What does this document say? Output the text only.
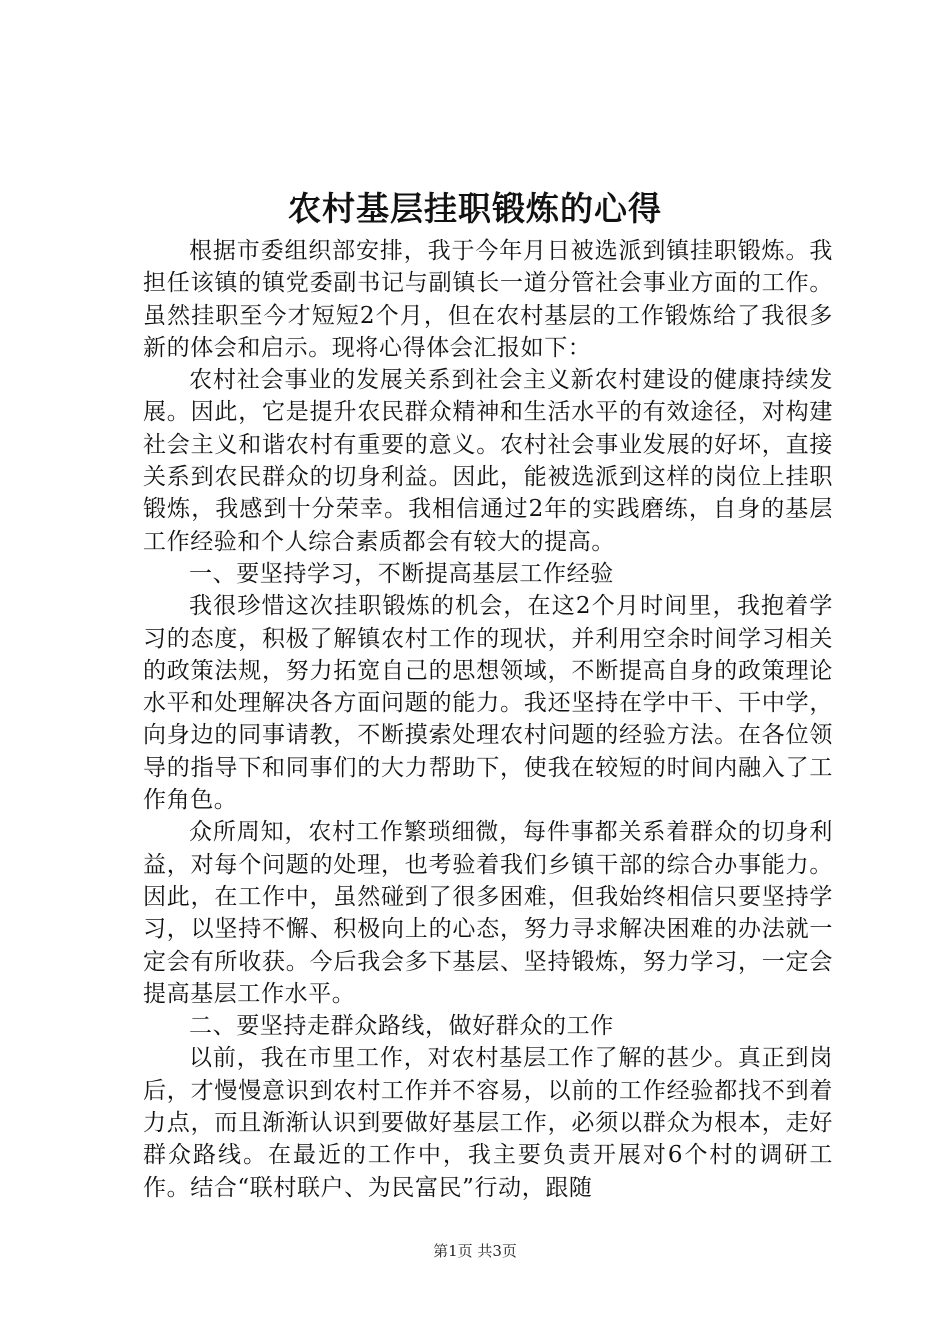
农村基层挂职锻炼的心得

根据市委组织部安排，我于今年月日被选派到镇挂职锻炼。我担任该镇的镇党委副书记与副镇长一道分管社会事业方面的工作。虽然挂职至今才短短2个月，但在农村基层的工作锻炼给了我很多新的体会和启示。现将心得体会汇报如下：

农村社会事业的发展关系到社会主义新农村建设的健康持续发展。因此，它是提升农民群众精神和生活水平的有效途径，对构建社会主义和谐农村有重要的意义。农村社会事业发展的好坏，直接关系到农民群众的切身利益。因此，能被选派到这样的岗位上挂职锻炼，我感到十分荣幸。我相信通过2年的实践磨练，自身的基层工作经验和个人综合素质都会有较大的提高。

一、要坚持学习，不断提高基层工作经验

我很珍惜这次挂职锻炼的机会，在这2个月时间里，我抱着学习的态度，积极了解镇农村工作的现状，并利用空余时间学习相关的政策法规，努力拓宽自己的思想领域，不断提高自身的政策理论水平和处理解决各方面问题的能力。我还坚持在学中干、干中学，向身边的同事请教，不断摸索处理农村问题的经验方法。在各位领导的指导下和同事们的大力帮助下，使我在较短的时间内融入了工作角色。

众所周知，农村工作繁琐细微，每件事都关系着群众的切身利益，对每个问题的处理，也考验着我们乡镇干部的综合办事能力。因此，在工作中，虽然碰到了很多困难，但我始终相信只要坚持学习，以坚持不懈、积极向上的心态，努力寻求解决困难的办法就一定会有所收获。今后我会多下基层、坚持锻炼，努力学习，一定会提高基层工作水平。

二、要坚持走群众路线，做好群众的工作

以前，我在市里工作，对农村基层工作了解的甚少。真正到岗后，才慢慢意识到农村工作并不容易，以前的工作经验都找不到着力点，而且渐渐认识到要做好基层工作，必须以群众为根本，走好群众路线。在最近的工作中，我主要负责开展对6个村的调研工作。结合“联村联户、为民富民”行动，跟随

第1页 共3页
